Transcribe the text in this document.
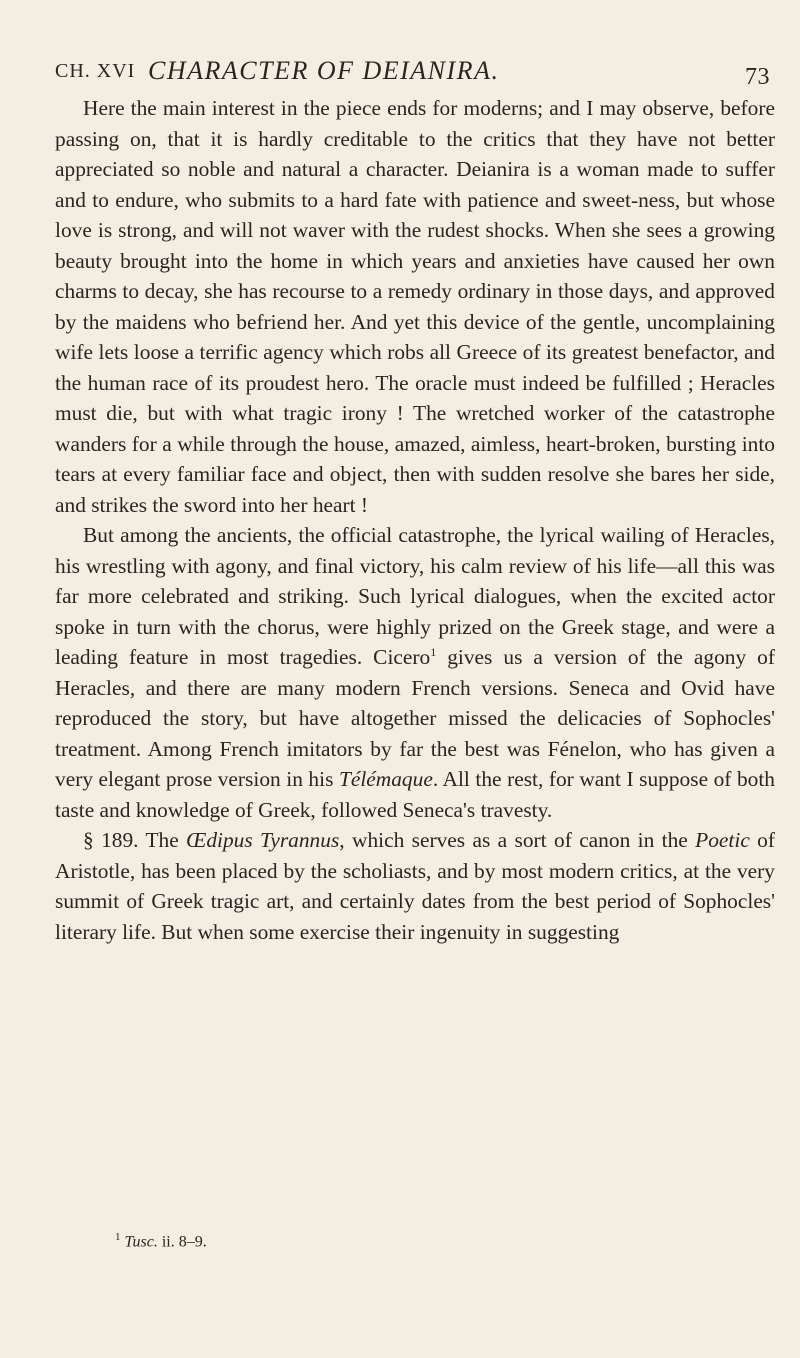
CH. XVI CHARACTER OF DEIANIRA.	73

Here the main interest in the piece ends for moderns; and I may observe, before passing on, that it is hardly creditable to the critics that they have not better appreciated so noble and natural a character. Deianira is a woman made to suffer and to endure, who submits to a hard fate with patience and sweet-ness, but whose love is strong, and will not waver with the rudest shocks. When she sees a growing beauty brought into the home in which years and anxieties have caused her own charms to decay, she has recourse to a remedy ordinary in those days, and approved by the maidens who befriend her. And yet this device of the gentle, uncomplaining wife lets loose a terrific agency which robs all Greece of its greatest benefactor, and the human race of its proudest hero. The oracle must indeed be fulfilled ; Heracles must die, but with what tragic irony ! The wretched worker of the catastrophe wanders for a while through the house, amazed, aimless, heart-broken, bursting into tears at every familiar face and object, then with sudden resolve she bares her side, and strikes the sword into her heart !

But among the ancients, the official catastrophe, the lyrical wailing of Heracles, his wrestling with agony, and final victory, his calm review of his life—all this was far more celebrated and striking. Such lyrical dialogues, when the excited actor spoke in turn with the chorus, were highly prized on the Greek stage, and were a leading feature in most tragedies. Cicero$^1$ gives us a version of the agony of Heracles, and there are many modern French versions. Seneca and Ovid have reproduced the story, but have altogether missed the delicacies of Sophocles' treatment. Among French imitators by far the best was Fénelon, who has given a very elegant prose version in his Télémaque. All the rest, for want I suppose of both taste and knowledge of Greek, followed Seneca's travesty.

§ 189. The Œdipus Tyrannus, which serves as a sort of canon in the Poetic of Aristotle, has been placed by the scholiasts, and by most modern critics, at the very summit of Greek tragic art, and certainly dates from the best period of Sophocles' literary life. But when some exercise their ingenuity in suggesting

$^1$ Tusc. ii. 8–9.
